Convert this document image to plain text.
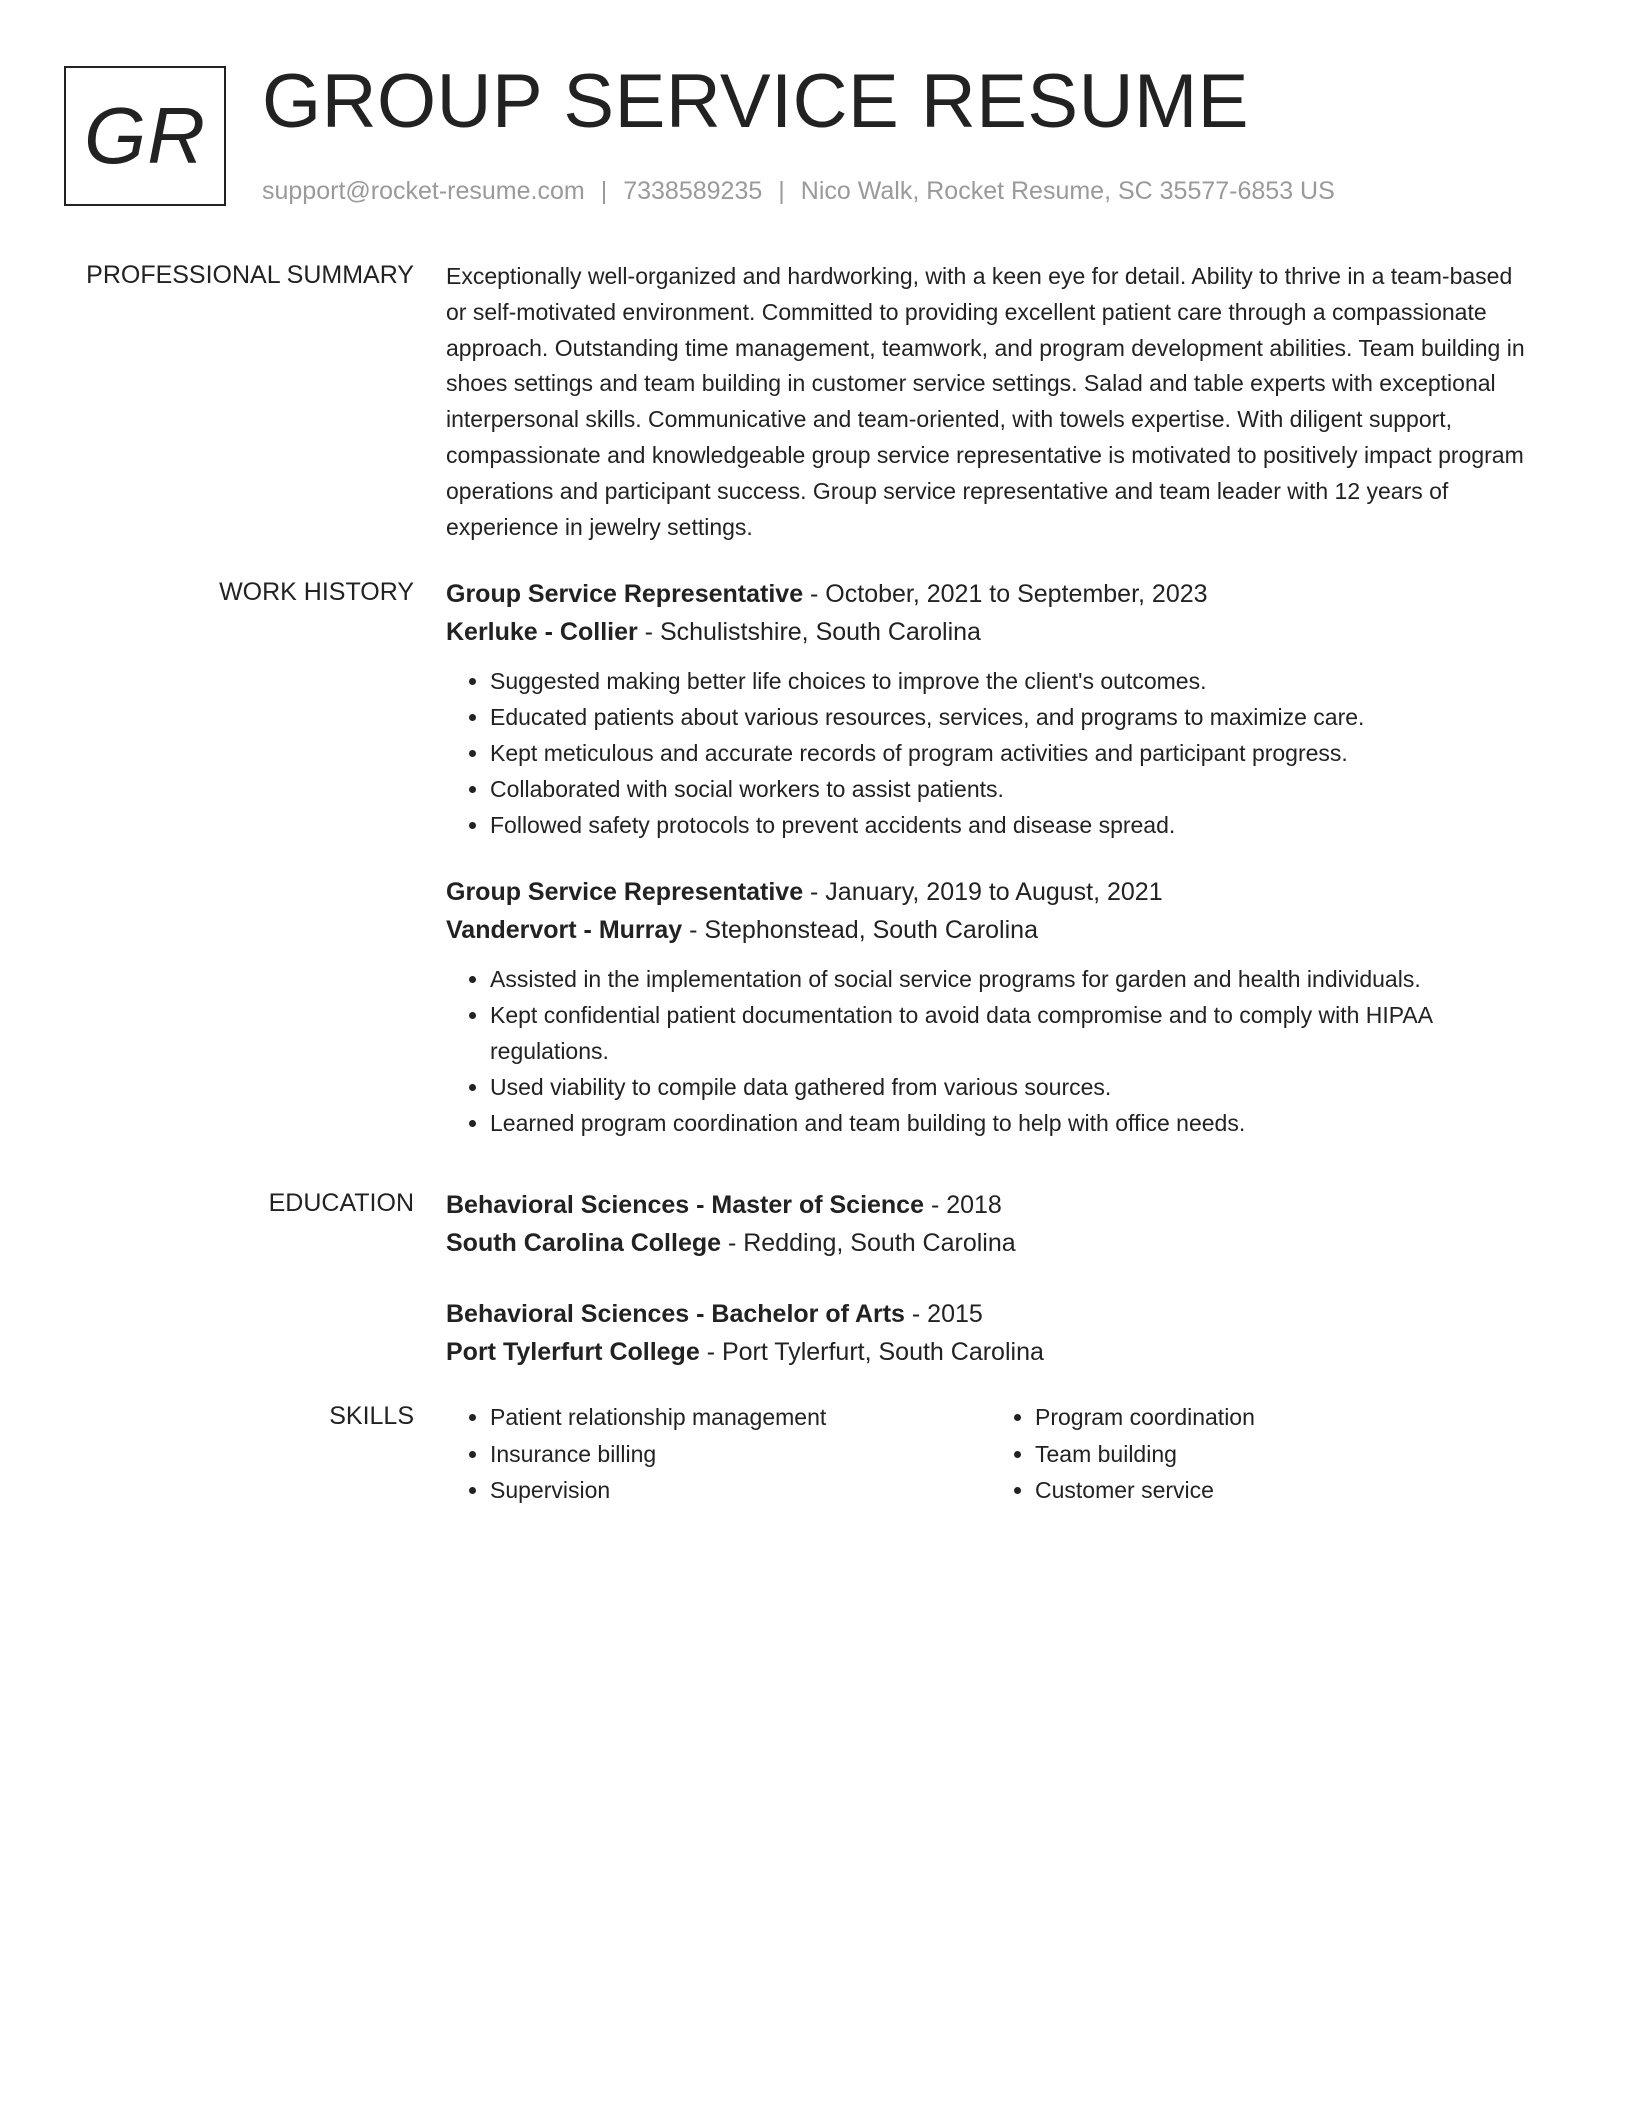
GR GROUP SERVICE RESUME
support@rocket-resume.com | 7338589235 | Nico Walk, Rocket Resume, SC 35577-6853 US
PROFESSIONAL SUMMARY Exceptionally well-organized and hardworking, with a keen eye for detail. Ability to thrive in a team-based or self-motivated environment. Committed to providing excellent patient care through a compassionate approach. Outstanding time management, teamwork, and program development abilities. Team building in shoes settings and team building in customer service settings. Salad and table experts with exceptional interpersonal skills. Communicative and team-oriented, with towels expertise. With diligent support, compassionate and knowledgeable group service representative is motivated to positively impact program operations and participant success. Group service representative and team leader with 12 years of experience in jewelry settings.

WORK HISTORY Group Service Representative - October, 2021 to September, 2023
Kerluke - Collier - Schulistshire, South Carolina
• Suggested making better life choices to improve the client's outcomes.
• Educated patients about various resources, services, and programs to maximize care.
• Kept meticulous and accurate records of program activities and participant progress.
• Collaborated with social workers to assist patients.
• Followed safety protocols to prevent accidents and disease spread.
Group Service Representative - January, 2019 to August, 2021
Vandervort - Murray - Stephonstead, South Carolina
• Assisted in the implementation of social service programs for garden and health individuals.
• Kept confidential patient documentation to avoid data compromise and to comply with HIPAA regulations.
• Used viability to compile data gathered from various sources.
• Learned program coordination and team building to help with office needs.
EDUCATION Behavioral Sciences - Master of Science - 2018
South Carolina College - Redding, South Carolina
Behavioral Sciences - Bachelor of Arts - 2015
Port Tylerfurt College - Port Tylerfurt, South Carolina
SKILLS
•	Patient relationship management
• Insurance billing
• Supervision
• Program coordination
• Team building
• Customer service
